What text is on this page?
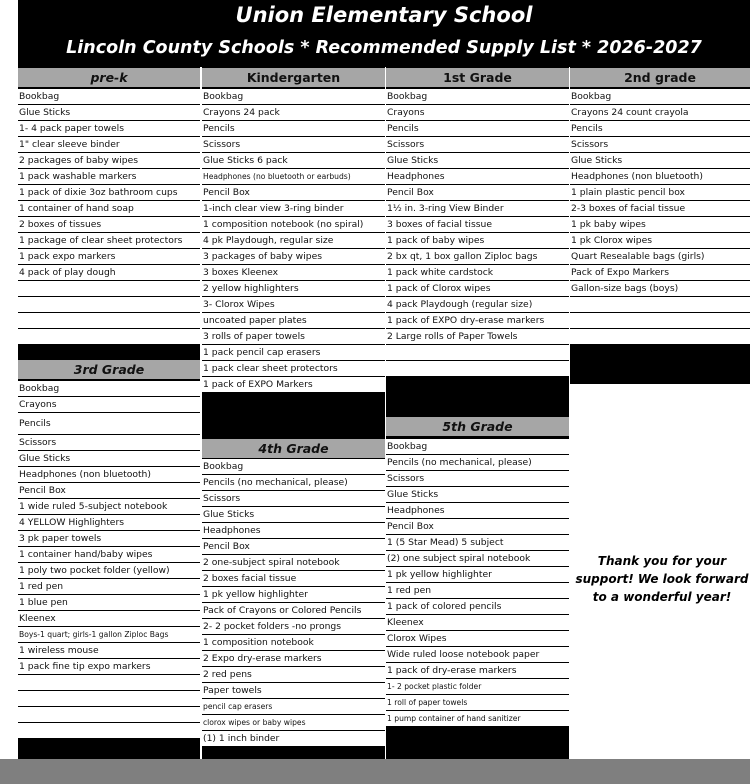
Union Elementary School
Lincoln County Schools * Recommended Supply List * 2026-2027
pre-k
Bookbag
Glue Sticks
1- 4 pack paper towels
1" clear sleeve binder
2 packages of baby wipes
1 pack washable markers
1 pack of dixie 3oz bathroom cups
1 container of hand soap
2 boxes of tissues
1 package of clear sheet protectors
1 pack expo markers
4 pack of play dough
3rd Grade
Bookbag
Crayons
Pencils
Scissors
Glue Sticks
Headphones (non bluetooth)
Pencil Box
1 wide ruled 5-subject notebook
4 YELLOW Highlighters
3 pk paper towels
1 container hand/baby wipes
1 poly two pocket folder (yellow)
1 red pen
1 blue pen
Kleenex
Boys-1 quart; girls-1 gallon Ziploc Bags
1 wireless mouse
1 pack fine tip expo markers
Kindergarten
Bookbag
Crayons 24 pack
Pencils
Scissors
Glue Sticks 6 pack
Headphones (no bluetooth or earbuds)
Pencil Box
1-inch clear view 3-ring binder
1 composition notebook (no spiral)
4 pk Playdough, regular size
3 packages of baby wipes
3 boxes Kleenex
2 yellow highlighters
3- Clorox Wipes
uncoated paper plates
3 rolls of paper towels
1 pack pencil cap erasers
1 pack clear sheet protectors
1 pack of EXPO Markers
4th Grade
Bookbag
Pencils (no mechanical, please)
Scissors
Glue Sticks
Headphones
Pencil Box
2 one-subject spiral notebook
2 boxes facial tissue
1 pk yellow highlighter
Pack of Crayons or Colored Pencils
2- 2 pocket folders -no prongs
1 composition notebook
2 Expo dry-erase markers
2 red pens
Paper towels
pencil cap erasers
clorox wipes or baby wipes
(1) 1 inch binder
1st Grade
Bookbag
Crayons
Pencils
Scissors
Glue Sticks
Headphones
Pencil Box
1½ in. 3-ring View Binder
3 boxes of facial tissue
1 pack of baby wipes
2 bx qt, 1 box gallon Ziploc bags
1 pack white cardstock
1 pack of Clorox wipes
4 pack Playdough (regular size)
1 pack of EXPO dry-erase markers
2 Large rolls of Paper Towels
5th Grade
Bookbag
Pencils (no mechanical, please)
Scissors
Glue Sticks
Headphones
Pencil Box
1 (5 Star Mead) 5 subject
(2) one subject spiral notebook
1 pk yellow highlighter
1 red pen
1 pack of colored pencils
Kleenex
Clorox Wipes
Wide ruled loose notebook paper
1 pack of dry-erase markers
1- 2 pocket plastic folder
1 roll of paper towels
1 pump container of hand sanitizer
2nd grade
Bookbag
Crayons 24 count crayola
Pencils
Scissors
Glue Sticks
Headphones (non bluetooth)
1 plain plastic pencil box
2-3 boxes of facial tissue
1 pk baby wipes
1 pk Clorox wipes
Quart Resealable bags (girls)
Pack of Expo Markers
Gallon-size bags (boys)
Thank you for your support! We look forward to a wonderful year!
